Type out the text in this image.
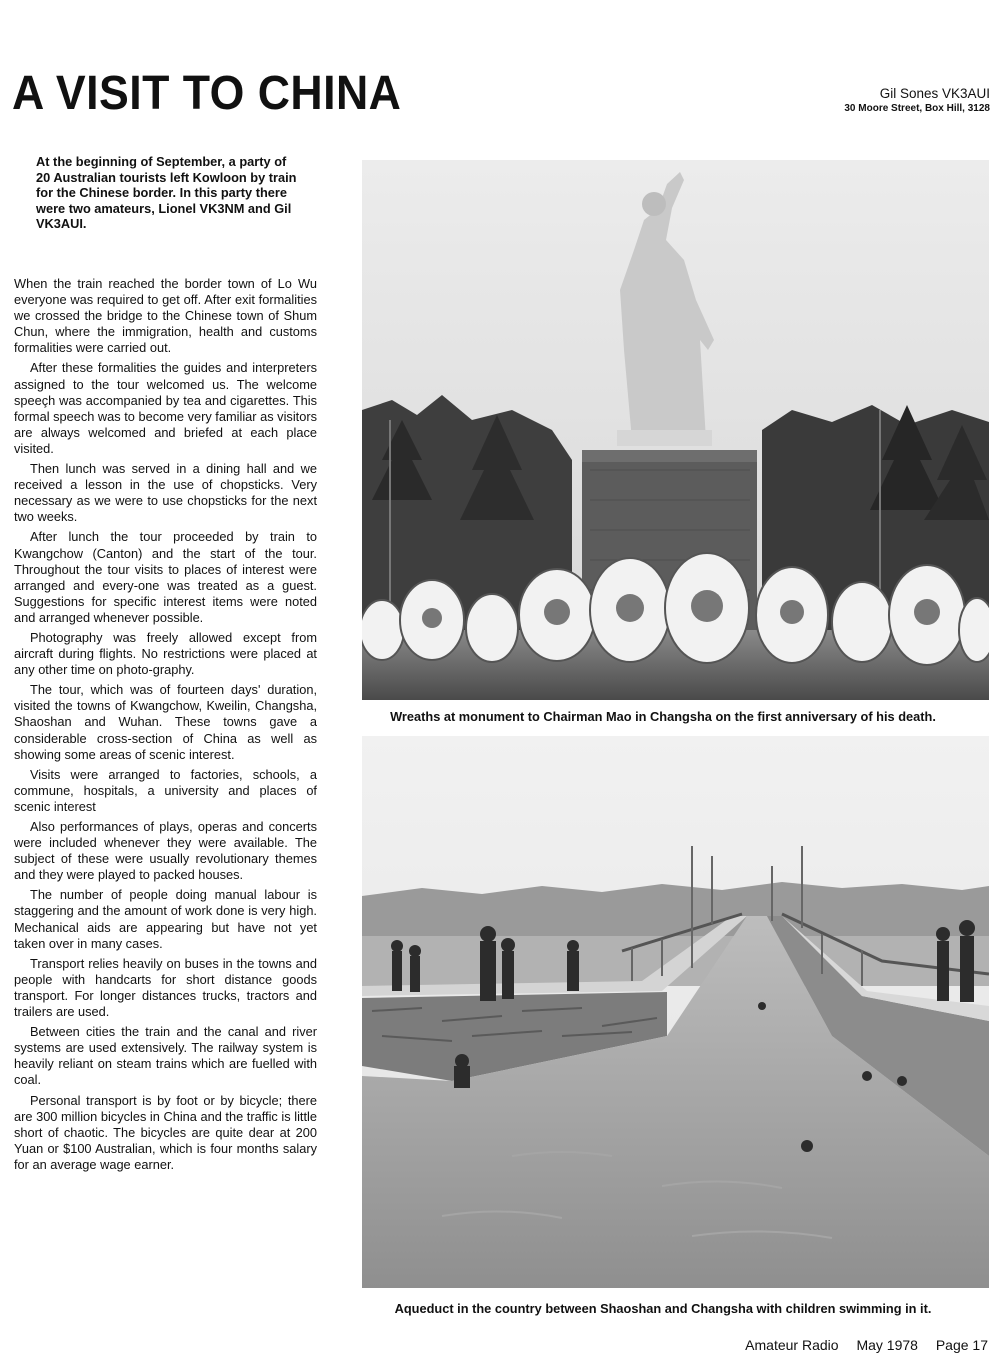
A VISIT TO CHINA	Gil Sones VK3AUI
30 Moore Street, Box Hill, 3128
At the beginning of September, a party of 20 Australian tourists left Kowloon by train for the Chinese border. In this party there were two amateurs, Lionel VK3NM and Gil VK3AUI.

When the train reached the border town of Lo Wu everyone was required to get off. After exit formalities we crossed the bridge to the Chinese town of Shum Chun, where the immigration, health and customs formalities were carried out.

After these formalities the guides and interpreters assigned to the tour welcomed us. The welcome speeçh was accompanied by tea and cigarettes. This formal speech was to become very familiar as visitors are always welcomed and briefed at each place visited.

Then lunch was served in a dining hall and we received a lesson in the use of chopsticks. Very necessary as we were to use chopsticks for the next two weeks.

After lunch the tour proceeded by train to Kwangchow (Canton) and the start of the tour. Throughout the tour visits to places of interest were arranged and every-one was treated as a guest. Suggestions for specific interest items were noted and arranged whenever possible.

Photography was freely allowed except from aircraft during flights. No restrictions were placed at any other time on photo-graphy.

The tour, which was of fourteen days' duration, visited the towns of Kwangchow, Kweilin, Changsha, Shaoshan and Wuhan. These towns gave a considerable cross-section of China as well as showing some areas of scenic interest.

Visits were arranged to factories, schools, a commune, hospitals, a university and places of scenic interest

Also performances of plays, operas and concerts were included whenever they were available. The subject of these were usually revolutionary themes and they were played to packed houses.

The number of people doing manual labour is staggering and the amount of work done is very high. Mechanical aids are appearing but have not yet taken over in many cases.

Transport relies heavily on buses in the towns and people with handcarts for short distance goods transport. For longer distances trucks, tractors and trailers are used.

Between cities the train and the canal and river systems are used extensively. The railway system is heavily reliant on steam trains which are fuelled with coal.

Personal transport is by foot or by bicycle; there are 300 million bicycles in China and the traffic is little short of chaotic. The bicycles are quite dear at 200 Yuan or $100 Australian, which is four months salary for an average wage earner.

Wreaths at monument to Chairman Mao in Changsha on the first anniversary of his death.
Aqueduct in the country between Shaoshan and Changsha with children swimming in it.
Amateur Radio May 1978 Page 17
